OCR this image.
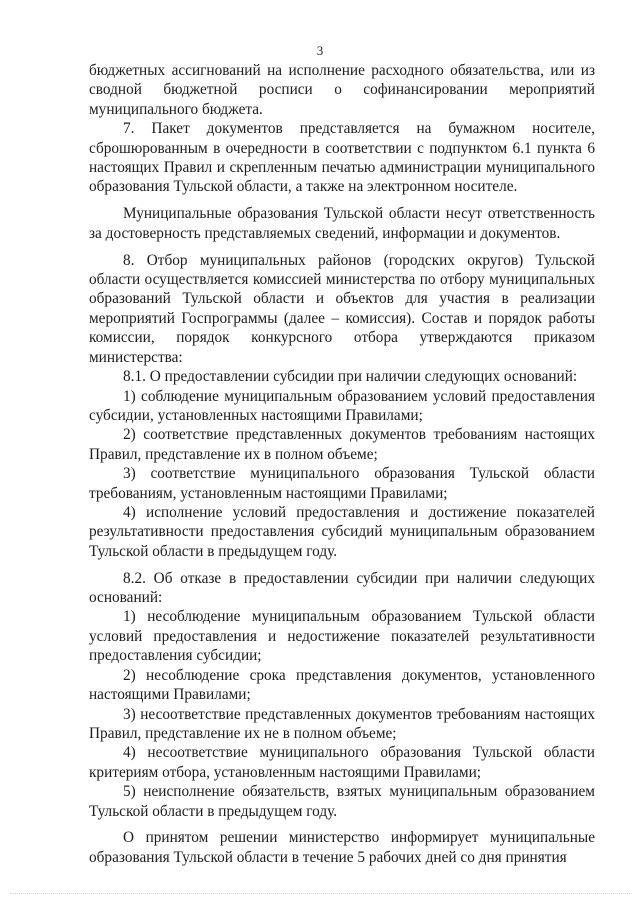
3

бюджетных ассигнований на исполнение расходного обязательства, или из сводной бюджетной росписи о софинансировании мероприятий муниципального бюджета.

7. Пакет документов представляется на бумажном носителе, сброшюрованным в очередности в соответствии с подпунктом 6.1 пункта 6 настоящих Правил и скрепленным печатью администрации муниципального образования Тульской области, а также на электронном носителе.

Муниципальные образования Тульской области несут ответственность за достоверность представляемых сведений, информации и документов.

8. Отбор муниципальных районов (городских округов) Тульской области осуществляется комиссией министерства по отбору муниципальных образований Тульской области и объектов для участия в реализации мероприятий Госпрограммы (далее – комиссия). Состав и порядок работы комиссии, порядок конкурсного отбора утверждаются приказом министерства:

8.1. О предоставлении субсидии при наличии следующих оснований:

1) соблюдение муниципальным образованием условий предоставления субсидии, установленных настоящими Правилами;

2) соответствие представленных документов требованиям настоящих Правил, представление их в полном объеме;

3) соответствие муниципального образования Тульской области требованиям, установленным настоящими Правилами;

4) исполнение условий предоставления и достижение показателей результативности предоставления субсидий муниципальным образованием Тульской области в предыдущем году.

8.2. Об отказе в предоставлении субсидии при наличии следующих оснований:

1) несоблюдение муниципальным образованием Тульской области условий предоставления и недостижение показателей результативности предоставления субсидии;

2) несоблюдение срока представления документов, установленного настоящими Правилами;

3) несоответствие представленных документов требованиям настоящих Правил, представление их не в полном объеме;

4) несоответствие муниципального образования Тульской области критериям отбора, установленным настоящими Правилами;

5) неисполнение обязательств, взятых муниципальным образованием Тульской области в предыдущем году.

О принятом решении министерство информирует муниципальные образования Тульской области в течение 5 рабочих дней со дня принятия
